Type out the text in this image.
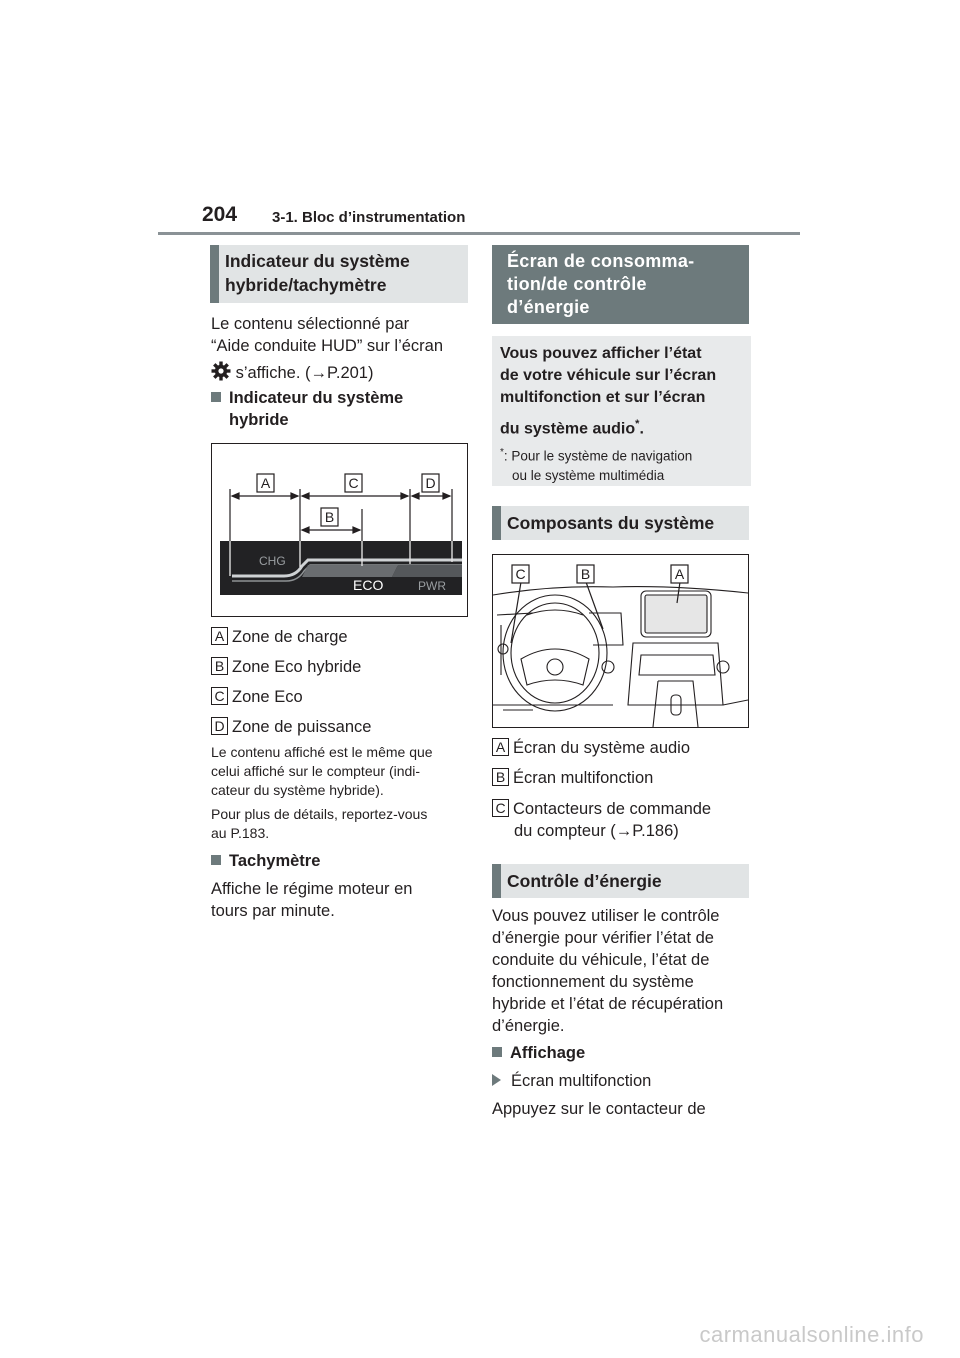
204 3-1. Bloc d’instrumentation
Indicateur du système
hybride/tachymètre
Le contenu sélectionné par
“Aide conduite HUD” sur l’écran
s’affiche. (→P.201)
Indicateur du système
hybride
A	C	D
B
CHG
ECO	PWR
A Zone de charge
B Zone Eco hybride
C Zone Eco
D Zone de puissance
Le contenu affiché est le même que
celui affiché sur le compteur (indi-
cateur du système hybride).
Pour plus de détails, reportez-vous
au P.183.
Tachymètre
Affiche le régime moteur en
tours par minute.
Écran de consomma-
tion/de contrôle
d’énergie
Vous pouvez afficher l’état
de votre véhicule sur l’écran
multifonction et sur l’écran
du système audio*.
*: Pour le système de navigation
ou le système multimédia
Composants du système
C	B	A
A Écran du système audio
B Écran multifonction
C Contacteurs de commande
du compteur (→P.186)
Contrôle d’énergie
Vous pouvez utiliser le contrôle
d’énergie pour vérifier l’état de
conduite du véhicule, l’état de
fonctionnement du système
hybride et l’état de récupération
d’énergie.
Affichage
Écran multifonction
Appuyez sur le contacteur de
carmanualsonline.info
